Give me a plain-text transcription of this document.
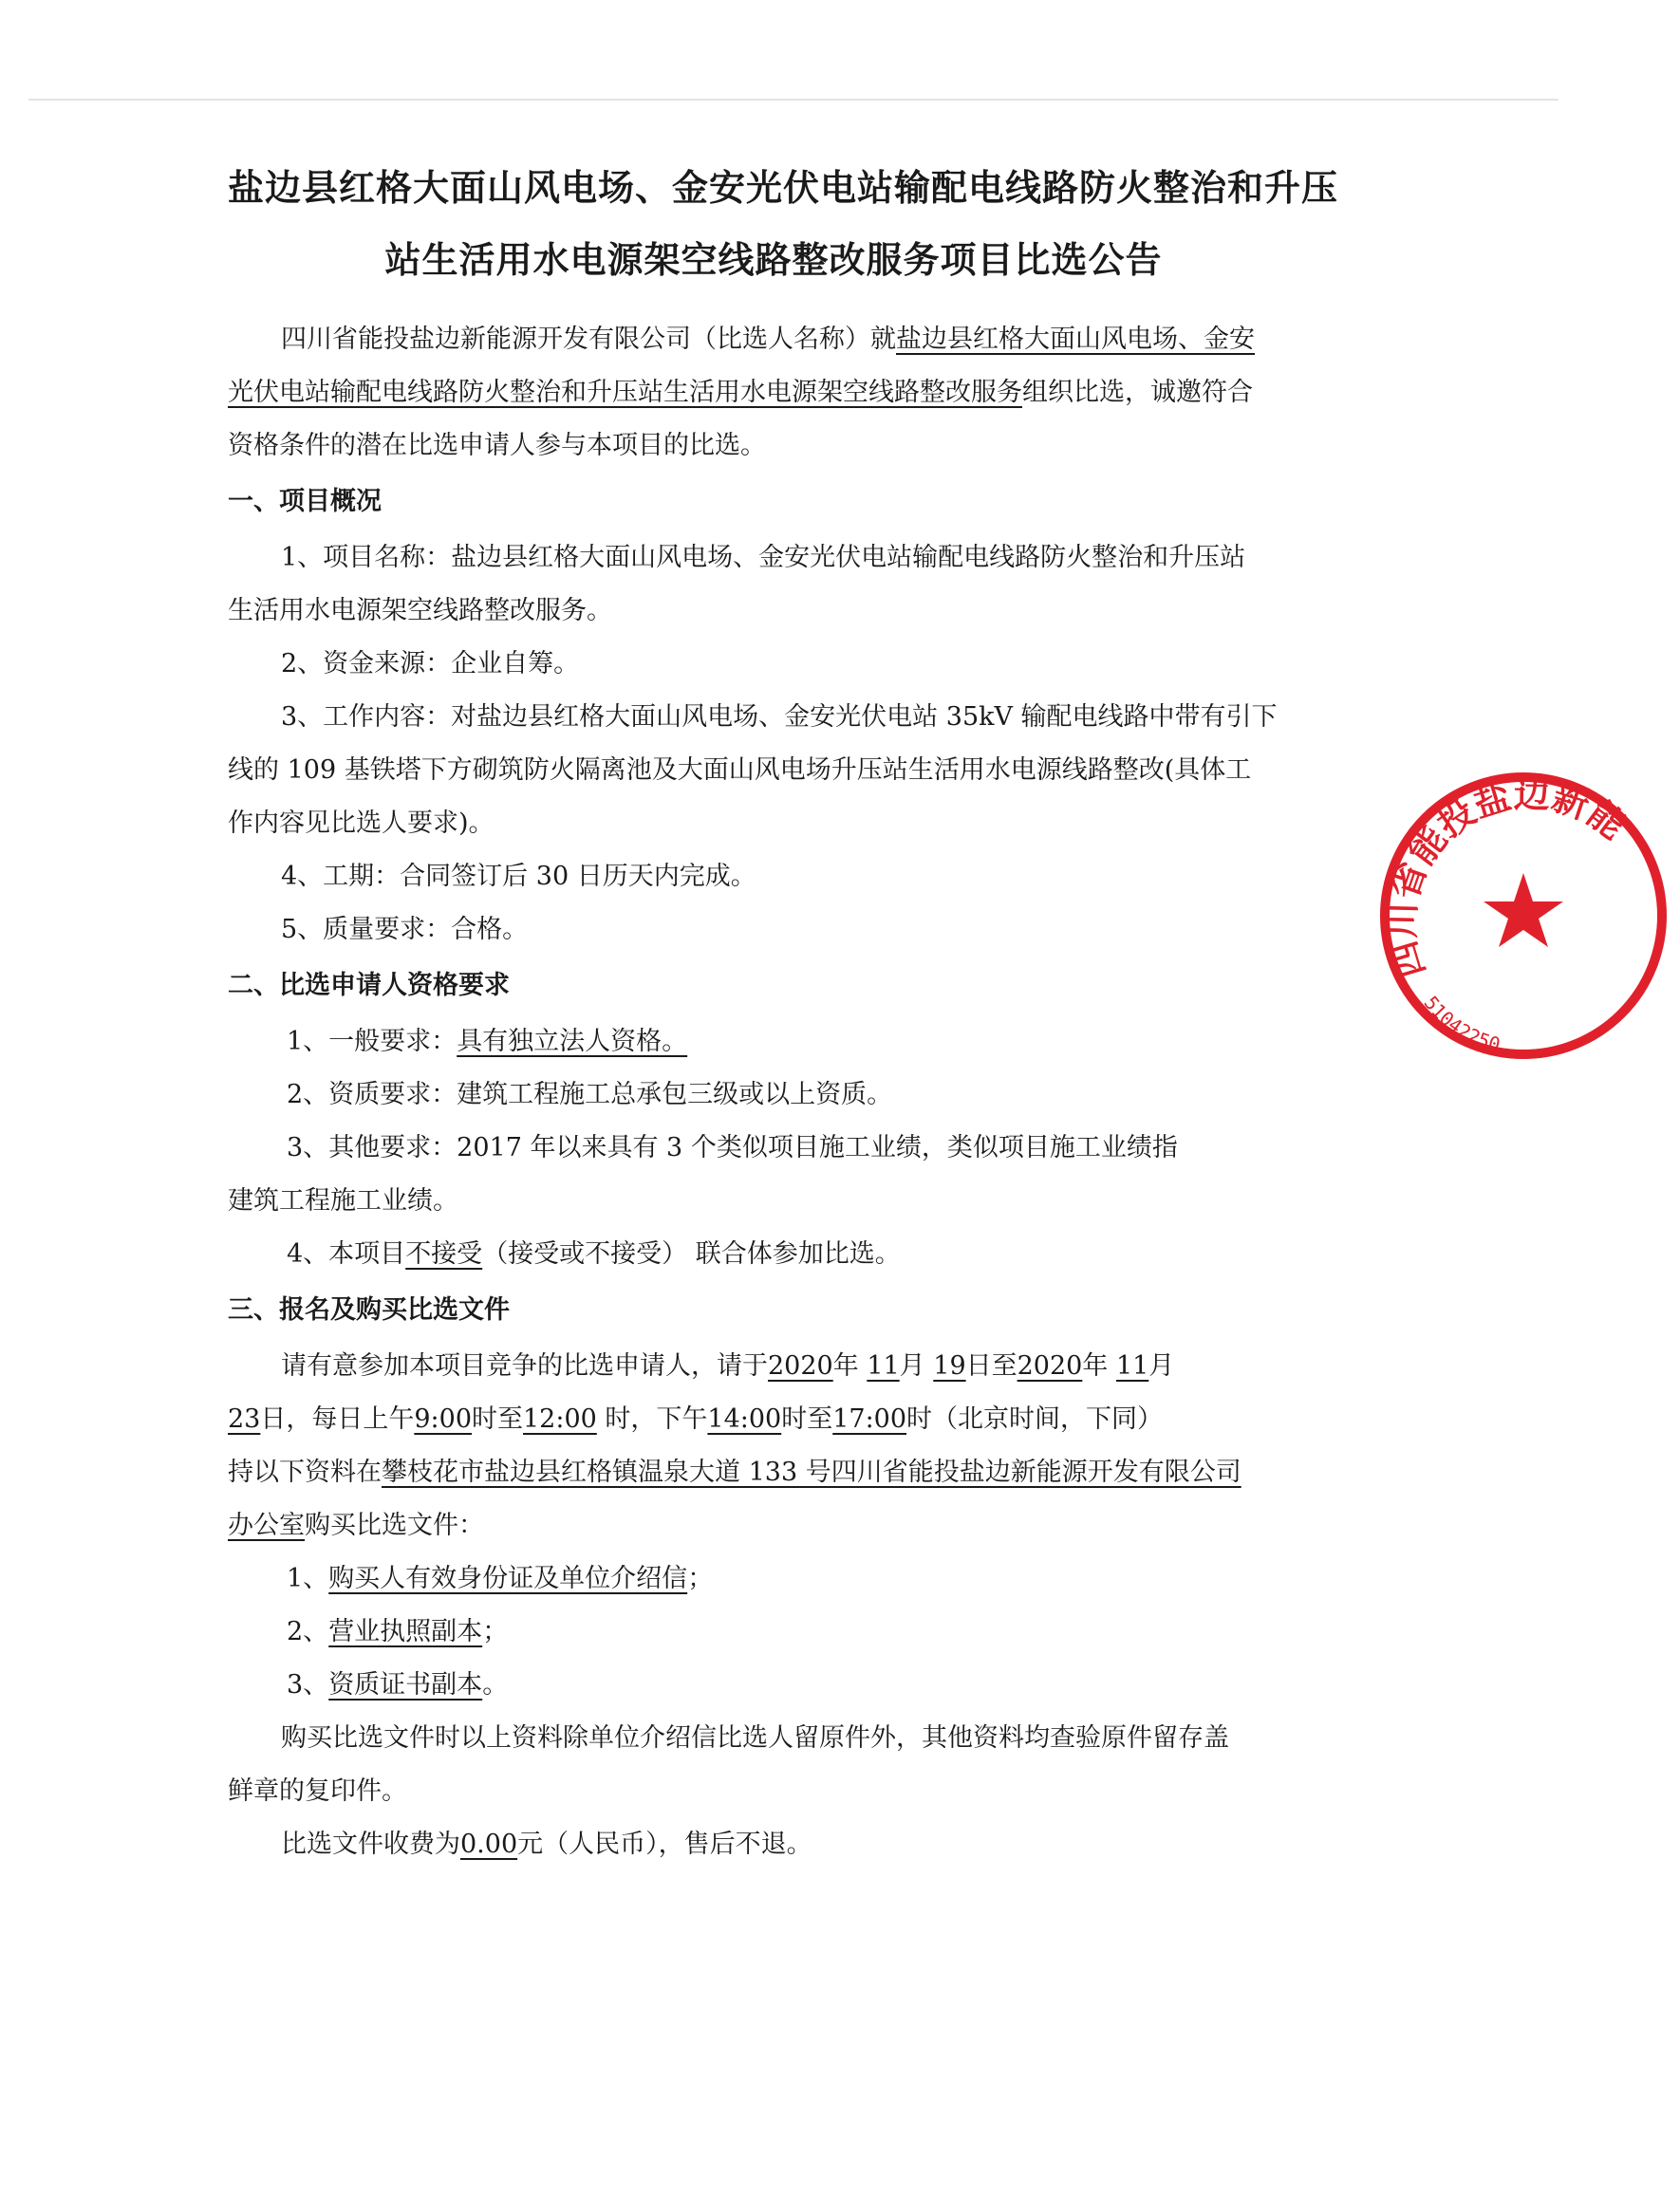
盐边县红格大面山风电场、金安光伏电站输配电线路防火整治和升压
站生活用水电源架空线路整改服务项目比选公告

四川省能投盐边新能源开发有限公司（比选人名称）就盐边县红格大面山风电场、金安

光伏电站输配电线路防火整治和升压站生活用水电源架空线路整改服务组织比选，诚邀符合

资格条件的潜在比选申请人参与本项目的比选。

一、项目概况

1、项目名称：盐边县红格大面山风电场、金安光伏电站输配电线路防火整治和升压站

生活用水电源架空线路整改服务。

2、资金来源：企业自筹。

3、工作内容：对盐边县红格大面山风电场、金安光伏电站 35kV 输配电线路中带有引下

线的 109 基铁塔下方砌筑防火隔离池及大面山风电场升压站生活用水电源线路整改(具体工

作内容见比选人要求)。

4、工期：合同签订后 30 日历天内完成。

5、质量要求：合格。

二、比选申请人资格要求

1、一般要求：具有独立法人资格。

2、资质要求：建筑工程施工总承包三级或以上资质。

3、其他要求：2017 年以来具有 3 个类似项目施工业绩，类似项目施工业绩指

建筑工程施工业绩。

4、本项目不接受（接受或不接受） 联合体参加比选。

三、报名及购买比选文件

请有意参加本项目竞争的比选申请人，请于2020年 11月 19日至2020年 11月

23日，每日上午9:00时至12:00 时，下午14:00时至17:00时（北京时间，下同）

持以下资料在攀枝花市盐边县红格镇温泉大道 133 号四川省能投盐边新能源开发有限公司

办公室购买比选文件：

1、购买人有效身份证及单位介绍信；

2、营业执照副本；

3、资质证书副本。

购买比选文件时以上资料除单位介绍信比选人留原件外，其他资料均查验原件留存盖

鲜章的复印件。

比选文件收费为0.00元（人民币），售后不退。

四川省能投盐边新能
51042250
